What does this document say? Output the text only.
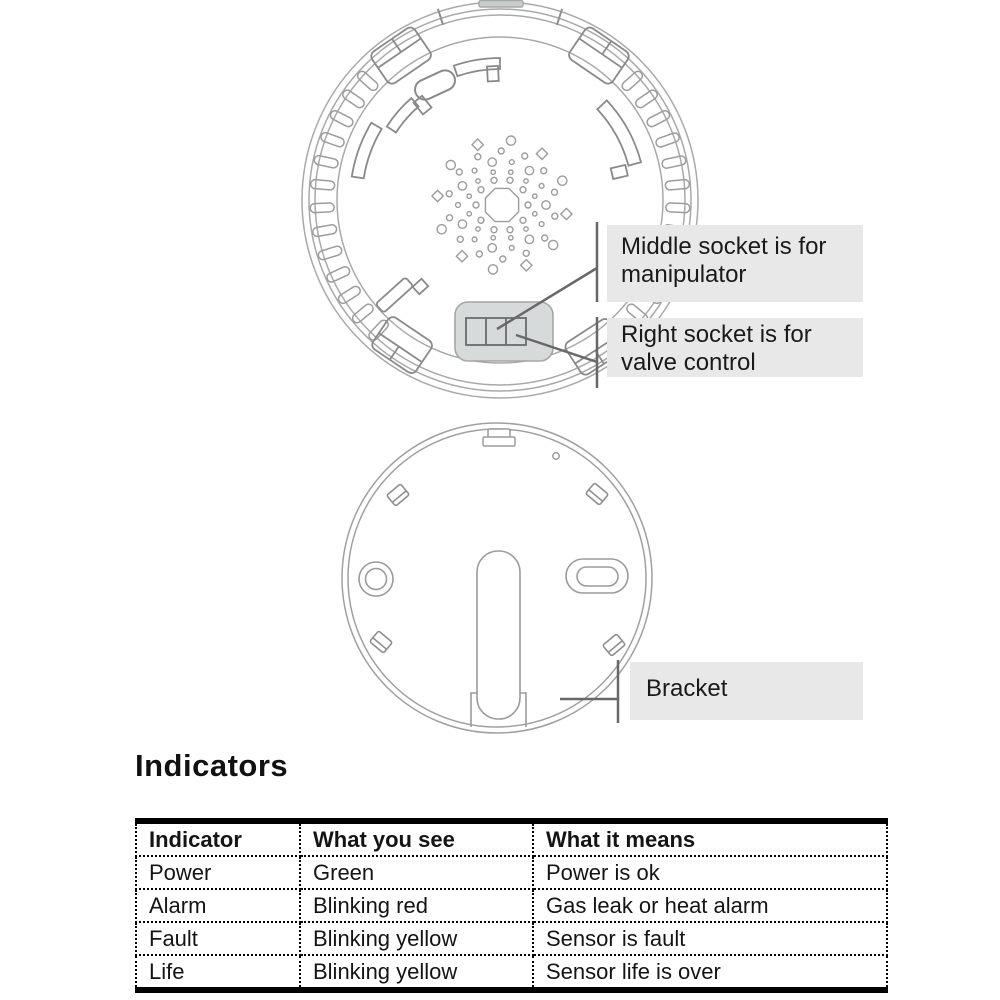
Middle socket is for manipulator
Right socket is for valve control
Bracket
Indicators
Indicator	What you see	What it means
Power	Green	Power is ok
Alarm	Blinking red	Gas leak or heat alarm
Fault	Blinking yellow	Sensor is fault
Life	Blinking yellow	Sensor life is over
